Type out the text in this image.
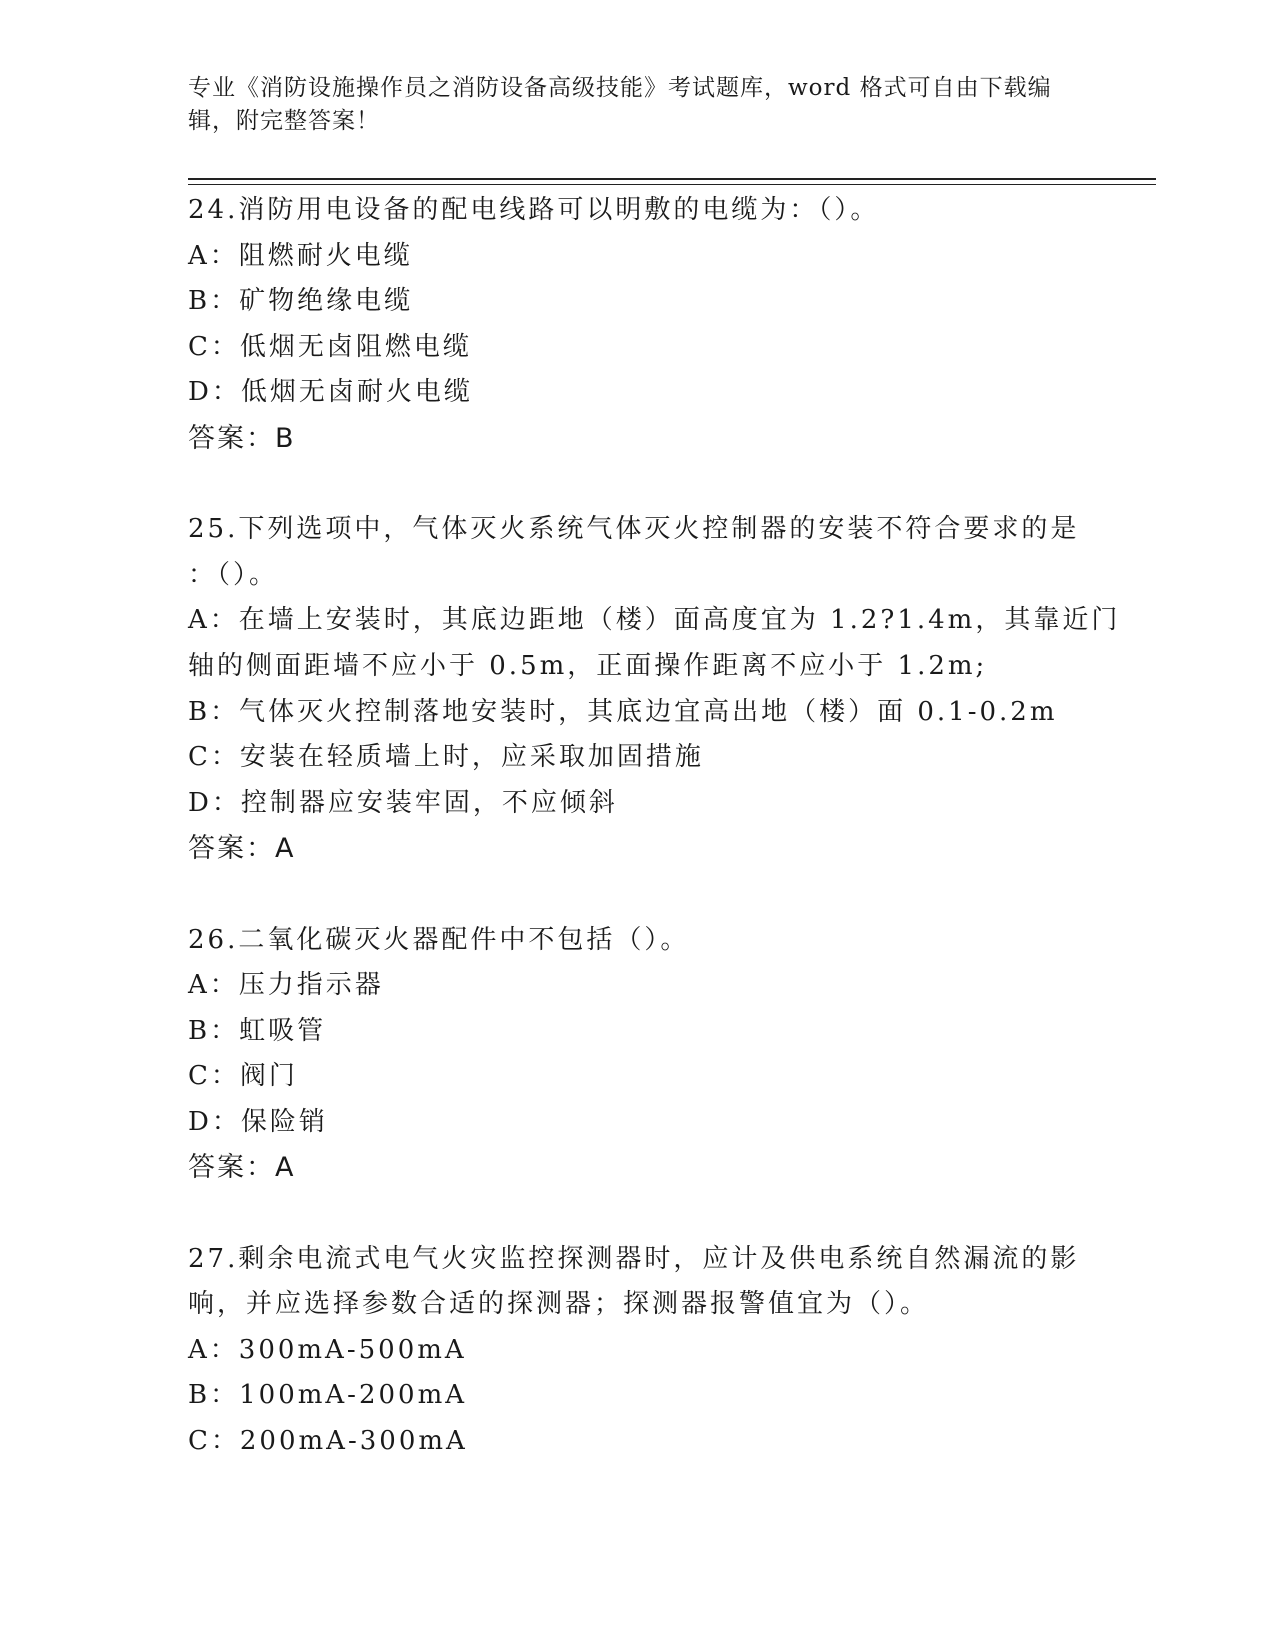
专业《消防设施操作员之消防设备高级技能》考试题库，word 格式可自由下载编
辑，附完整答案！
24.消防用电设备的配电线路可以明敷的电缆为：（）。
A：阻燃耐火电缆
B：矿物绝缘电缆
C：低烟无卤阻燃电缆
D：低烟无卤耐火电缆
答案：B
25.下列选项中，气体灭火系统气体灭火控制器的安装不符合要求的是
：（）。
A：在墙上安装时，其底边距地（楼）面高度宜为 1.2?1.4m，其靠近门
轴的侧面距墙不应小于 0.5m，正面操作距离不应小于 1.2m;
B：气体灭火控制落地安装时，其底边宜高出地（楼）面 0.1-0.2m
C：安装在轻质墙上时，应采取加固措施
D：控制器应安装牢固，不应倾斜
答案：A
26.二氧化碳灭火器配件中不包括（）。
A：压力指示器
B：虹吸管
C：阀门
D：保险销
答案：A
27.剩余电流式电气火灾监控探测器时，应计及供电系统自然漏流的影
响，并应选择参数合适的探测器；探测器报警值宜为（）。
A：300mA-500mA
B：100mA-200mA
C：200mA-300mA
